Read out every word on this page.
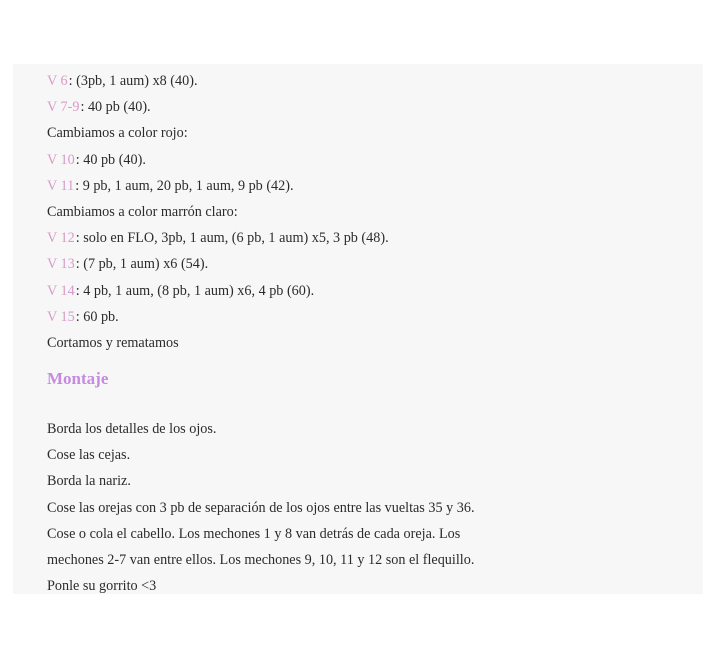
V 6: (3pb, 1 aum) x8 (40).
V 7-9: 40 pb (40).
Cambiamos a color rojo:
V 10: 40 pb (40).
V 11: 9 pb, 1 aum, 20 pb, 1 aum, 9 pb (42).
Cambiamos a color marrón claro:
V 12: solo en FLO, 3pb, 1 aum, (6 pb, 1 aum) x5, 3 pb (48).
V 13: (7 pb, 1 aum) x6 (54).
V 14: 4 pb, 1 aum, (8 pb, 1 aum) x6, 4 pb (60).
V 15: 60 pb.
Cortamos y rematamos
Montaje
Borda los detalles de los ojos.
Cose las cejas.
Borda la nariz.
Cose las orejas con 3 pb de separación de los ojos entre las vueltas 35 y 36.
Cose o cola el cabello. Los mechones 1 y 8 van detrás de cada oreja. Los
mechones 2-7 van entre ellos. Los mechones 9, 10, 11 y 12 son el flequillo.
Ponle su gorrito <3
